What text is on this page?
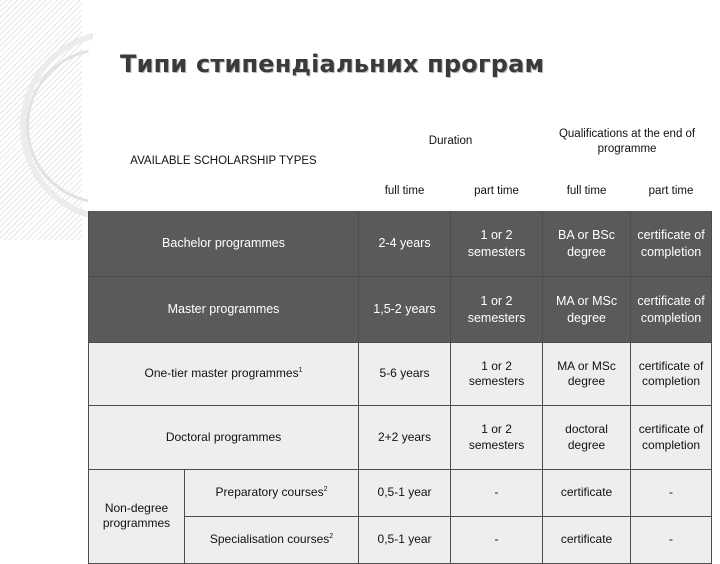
Типи стипендіальних програм
AVAILABLE SCHOLARSHIP TYPES		Duration		Qualifications at the end of programme	
		full time	part time	full time	part time	
Bachelor programmes		2-4 years	1 or 2 semesters	BA or BSc degree	certificate of completion	
Master programmes		1,5-2 years	1 or 2 semesters	MA or MSc degree	certificate of completion	
One-tier master programmes$^1$		5-6 years	1 or 2 semesters	MA or MSc degree	certificate of completion	
Doctoral programmes		2+2 years	1 or 2 semesters	doctoral degree	certificate of completion	
Non-degree programmes	Preparatory courses$^2$	0,5-1 year	-	certificate	-	
	Specialisation courses$^2$	0,5-1 year	-	certificate	-	
